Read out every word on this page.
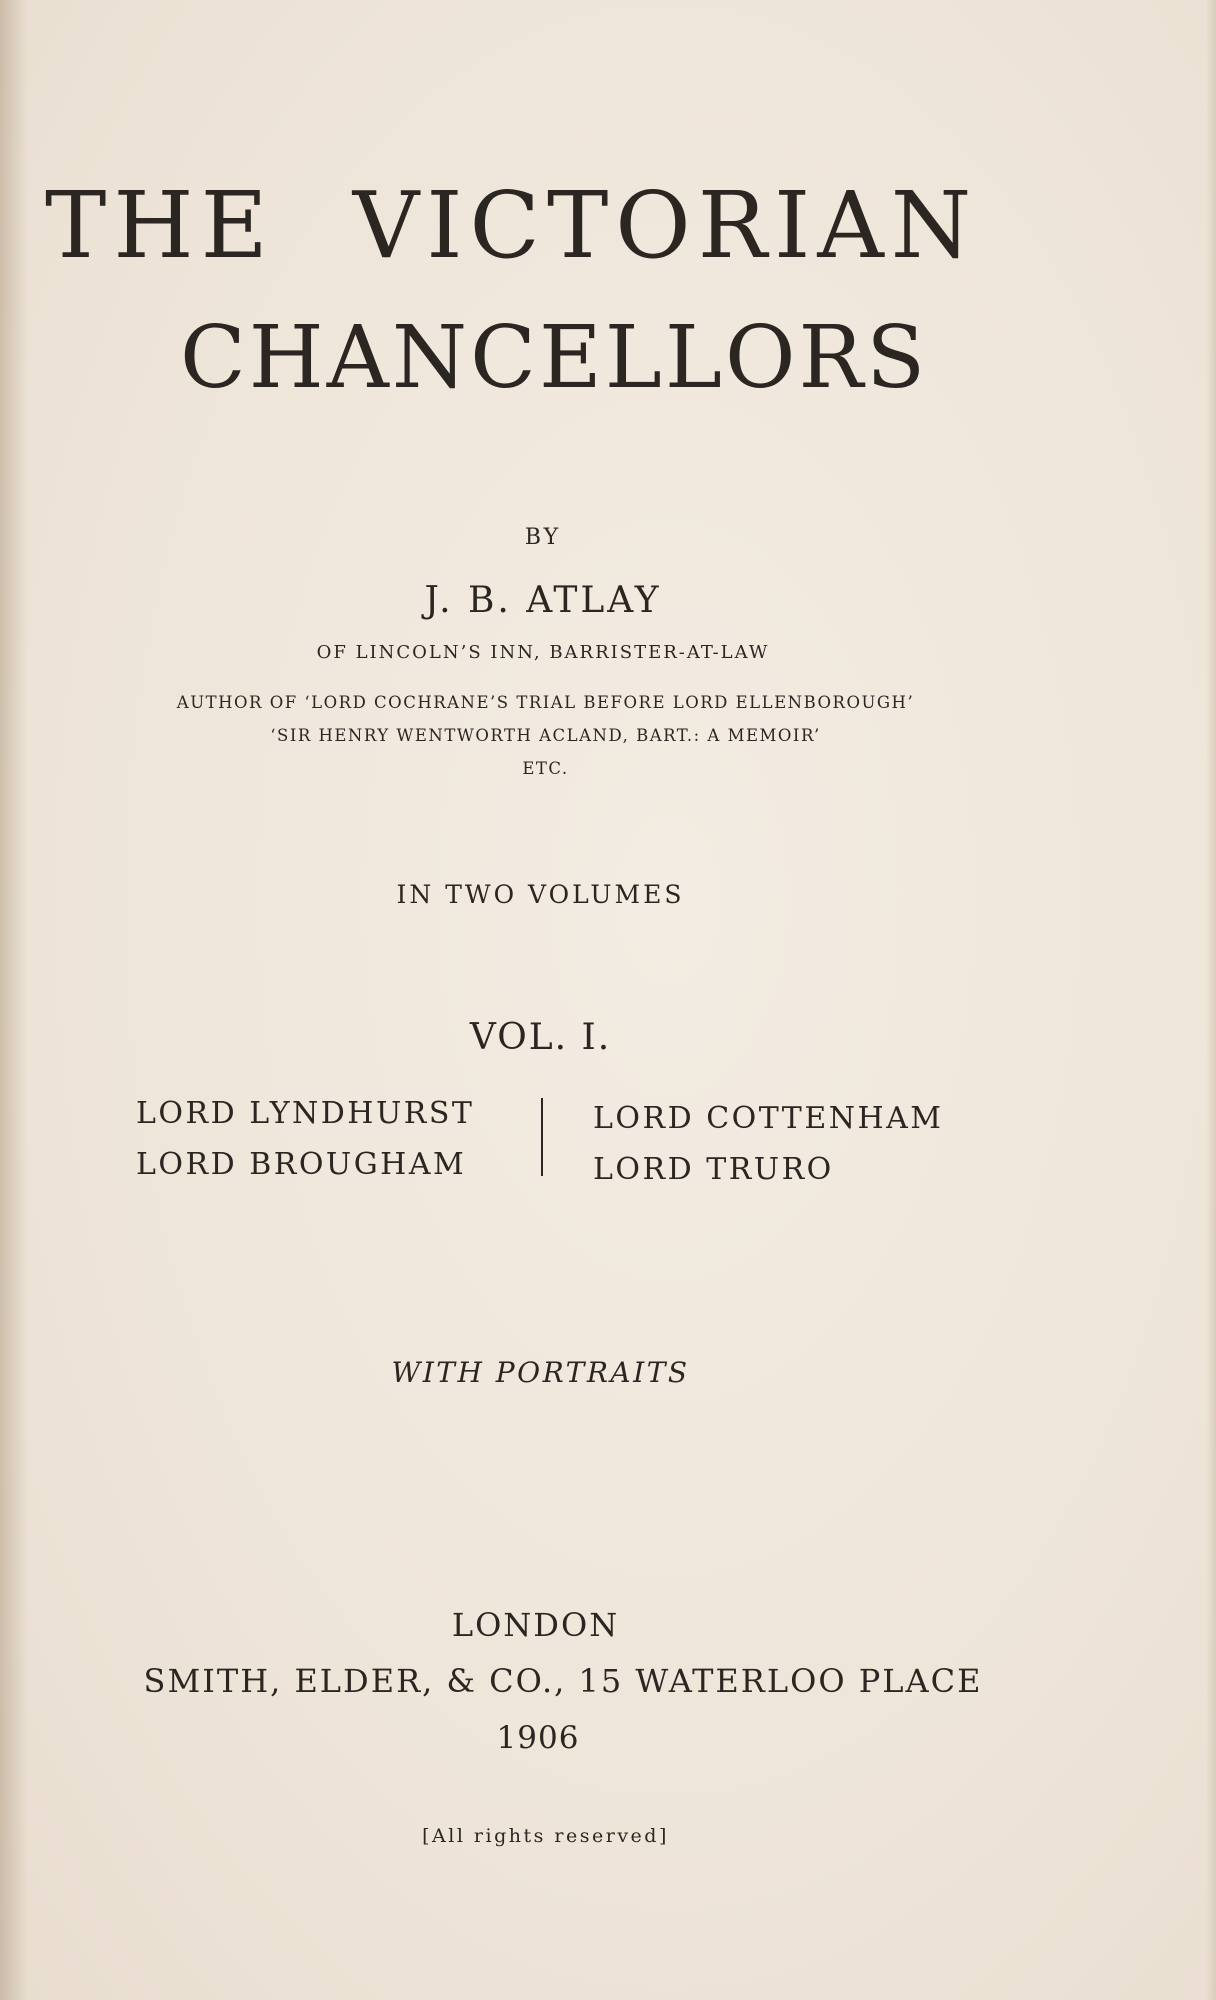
THE VICTORIAN
CHANCELLORS
BY
J. B. ATLAY
OF LINCOLN’S INN, BARRISTER-AT-LAW
AUTHOR OF ‘LORD COCHRANE’S TRIAL BEFORE LORD ELLENBOROUGH’
‘SIR HENRY WENTWORTH ACLAND, BART.: A MEMOIR’
ETC.
IN TWO VOLUMES
VOL. I.
LORD LYNDHURST
LORD BROUGHAM
LORD COTTENHAM
LORD TRURO
WITH PORTRAITS
LONDON
SMITH, ELDER, & CO., 15 WATERLOO PLACE
1906
[All rights reserved]
